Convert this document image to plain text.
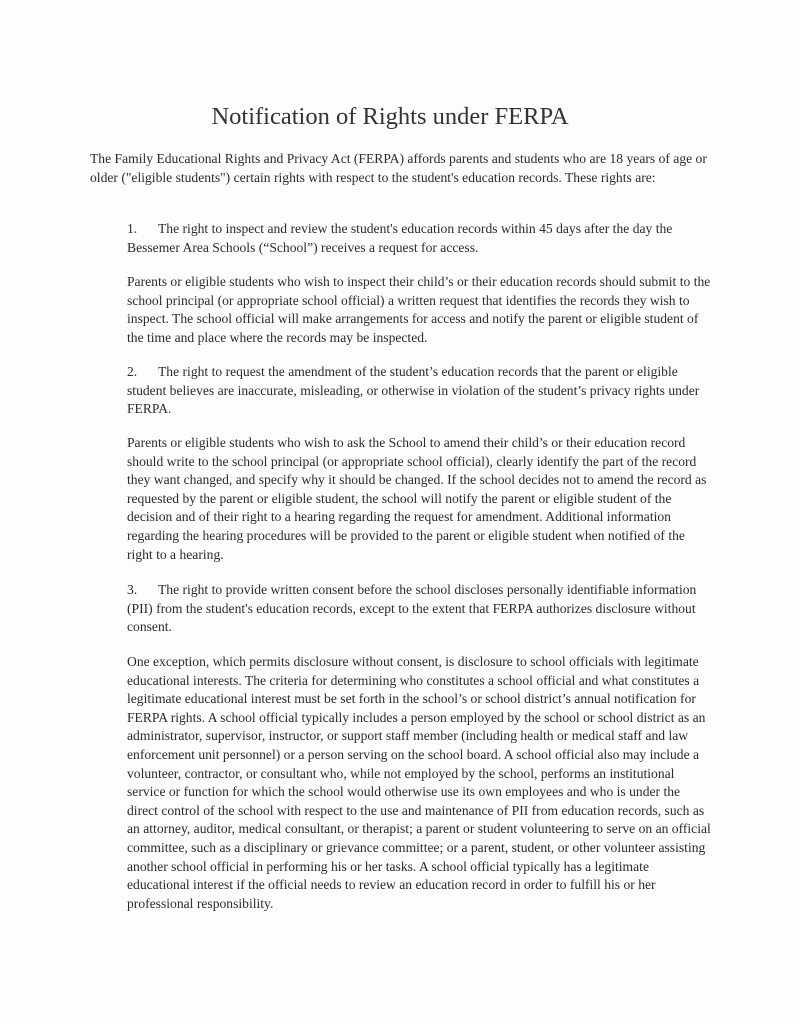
Notification of Rights under FERPA

The Family Educational Rights and Privacy Act (FERPA) affords parents and students who are 18 years of age or older ("eligible students") certain rights with respect to the student's education records. These rights are:

1. The right to inspect and review the student's education records within 45 days after the day the Bessemer Area Schools (“School”) receives a request for access.

Parents or eligible students who wish to inspect their child’s or their education records should submit to the school principal (or appropriate school official) a written request that identifies the records they wish to inspect. The school official will make arrangements for access and notify the parent or eligible student of the time and place where the records may be inspected.

2. The right to request the amendment of the student’s education records that the parent or eligible student believes are inaccurate, misleading, or otherwise in violation of the student’s privacy rights under FERPA.

Parents or eligible students who wish to ask the School to amend their child’s or their education record should write to the school principal (or appropriate school official), clearly identify the part of the record they want changed, and specify why it should be changed. If the school decides not to amend the record as requested by the parent or eligible student, the school will notify the parent or eligible student of the decision and of their right to a hearing regarding the request for amendment. Additional information regarding the hearing procedures will be provided to the parent or eligible student when notified of the right to a hearing.

3. The right to provide written consent before the school discloses personally identifiable information (PII) from the student's education records, except to the extent that FERPA authorizes disclosure without consent.

One exception, which permits disclosure without consent, is disclosure to school officials with legitimate educational interests. The criteria for determining who constitutes a school official and what constitutes a legitimate educational interest must be set forth in the school’s or school district’s annual notification for FERPA rights. A school official typically includes a person employed by the school or school district as an administrator, supervisor, instructor, or support staff member (including health or medical staff and law enforcement unit personnel) or a person serving on the school board. A school official also may include a volunteer, contractor, or consultant who, while not employed by the school, performs an institutional service or function for which the school would otherwise use its own employees and who is under the direct control of the school with respect to the use and maintenance of PII from education records, such as an attorney, auditor, medical consultant, or therapist; a parent or student volunteering to serve on an official committee, such as a disciplinary or grievance committee; or a parent, student, or other volunteer assisting another school official in performing his or her tasks. A school official typically has a legitimate educational interest if the official needs to review an education record in order to fulfill his or her professional responsibility.
